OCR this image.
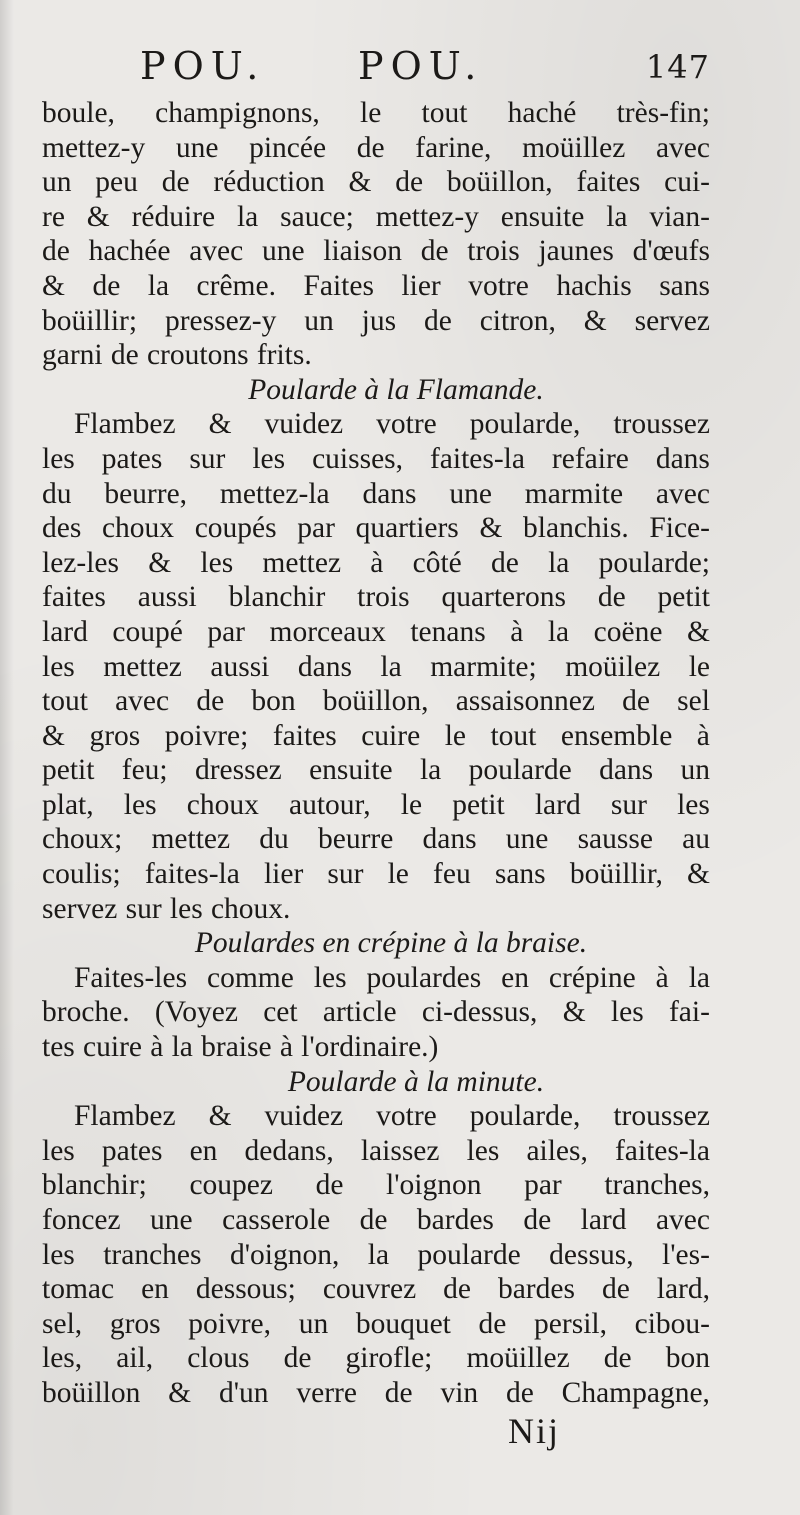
POU. POU.	147
boule, champignons, le tout haché très-fin;
mettez-y une pincée de farine, moüillez avec
un peu de réduction & de boüillon, faites cui-
re & réduire la sauce; mettez-y ensuite la vian-
de hachée avec une liaison de trois jaunes d'œufs
& de la crême. Faites lier votre hachis sans
boüillir; pressez-y un jus de citron, & servez
garni de croutons frits.
Poularde à la Flamande.
Flambez & vuidez votre poularde, troussez
les pates sur les cuisses, faites-la refaire dans
du beurre, mettez-la dans une marmite avec
des choux coupés par quartiers & blanchis. Fice-
lez-les & les mettez à côté de la poularde;
faites aussi blanchir trois quarterons de petit
lard coupé par morceaux tenans à la coëne &
les mettez aussi dans la marmite; moüilez le
tout avec de bon boüillon, assaisonnez de sel
& gros poivre; faites cuire le tout ensemble à
petit feu; dressez ensuite la poularde dans un
plat, les choux autour, le petit lard sur les
choux; mettez du beurre dans une sausse au
coulis; faites-la lier sur le feu sans boüillir, &
servez sur les choux.
Poulardes en crépine à la braise.
Faites-les comme les poulardes en crépine à la
broche. (Voyez cet article ci-dessus, & les fai-
tes cuire à la braise à l'ordinaire.)
Poularde à la minute.
Flambez & vuidez votre poularde, troussez
les pates en dedans, laissez les ailes, faites-la
blanchir; coupez de l'oignon par tranches,
foncez une casserole de bardes de lard avec
les tranches d'oignon, la poularde dessus, l'es-
tomac en dessous; couvrez de bardes de lard,
sel, gros poivre, un bouquet de persil, cibou-
les, ail, clous de girofle; moüillez de bon
boüillon & d'un verre de vin de Champagne,
Nij
